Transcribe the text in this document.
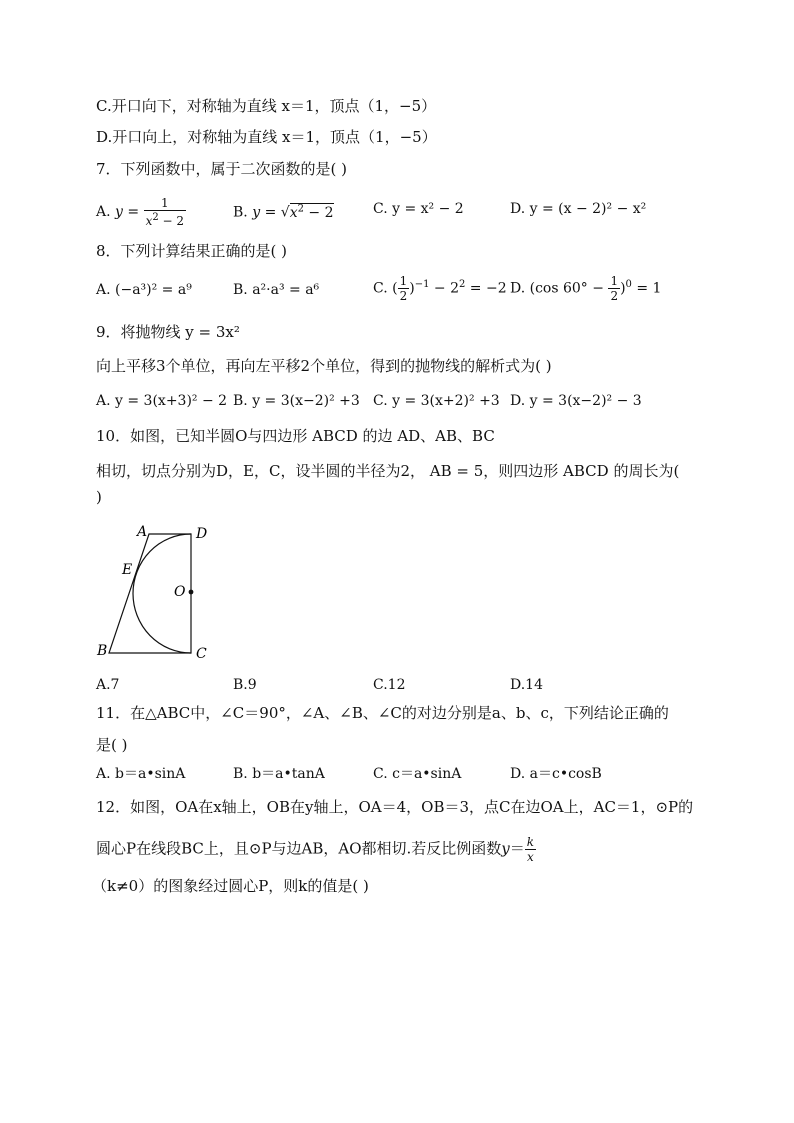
C.开口向下，对称轴为直线 x＝1，顶点（1，−5）
D.开口向上，对称轴为直线 x＝1，顶点（1，−5）
7．下列函数中，属于二次函数的是( )
A. $y = \frac{1}{x^2 - 2}$	B. $y = √x^2 - 2$	C. y = x² − 2	D. y = (x − 2)² − x²
8．下列计算结果正确的是( )
A. (−a³)² = a⁹	B. a²·a³ = a⁶	C. ( $\frac{1}{2} )^{-1} - 2^2 = -2$ D. (cos $60^\circ - \frac{1}{2} )^0 = 1$
9．将抛物线 y = 3x²
向上平移3个单位，再向左平移2个单位，得到的抛物线的解析式为( )
A. y = 3(x+3)² − 2 B. y = 3(x−2)² +3 C. y = 3(x+2)² +3 D. y = 3(x−2)² − 3
10．如图，已知半圆O与四边形 ABCD 的边 AD、AB、BC
相切，切点分别为D，E，C，设半圆的半径为2， AB = 5，则四边形 ABCD 的周长为(
)
A	D
E
O
B	C
A.7	B.9	C.12	D.14
11．在△ABC中，∠C＝90°，∠A、∠B、∠C的对边分别是a、b、c，下列结论正确的
是( )
A. b＝a•sinA	B. b＝a•tanA	C. c＝a•sinA	D. a＝c•cosB
12．如图，OA在x轴上，OB在y轴上，OA＝4，OB＝3，点C在边OA上，AC＝1，⊙P的
圆心P在线段BC上，且⊙P与边AB，AO都相切.若反比例函数$y= \frac{k}{x}$
（k≠0）的图象经过圆心P，则k的值是( )
